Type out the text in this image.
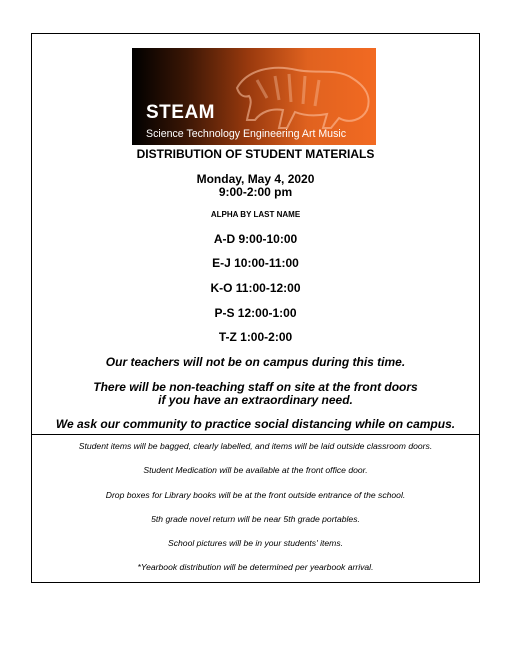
STEAM
Science Technology Engineering Art Music
DISTRIBUTION OF STUDENT MATERIALS
Monday, May 4, 2020
9:00-2:00 pm
ALPHA BY LAST NAME
A-D 9:00-10:00
E-J 10:00-11:00
K-O 11:00-12:00
P-S 12:00-1:00
T-Z 1:00-2:00
Our teachers will not be on campus during this time.
There will be non-teaching staff on site at the front doors
if you have an extraordinary need.
We ask our community to practice social distancing while on campus.
Student items will be bagged, clearly labelled, and items will be laid outside classroom doors.
Student Medication will be available at the front office door.
Drop boxes for Library books will be at the front outside entrance of the school.
5th grade novel return will be near 5th grade portables.
School pictures will be in your students' items.
*Yearbook distribution will be determined per yearbook arrival.
